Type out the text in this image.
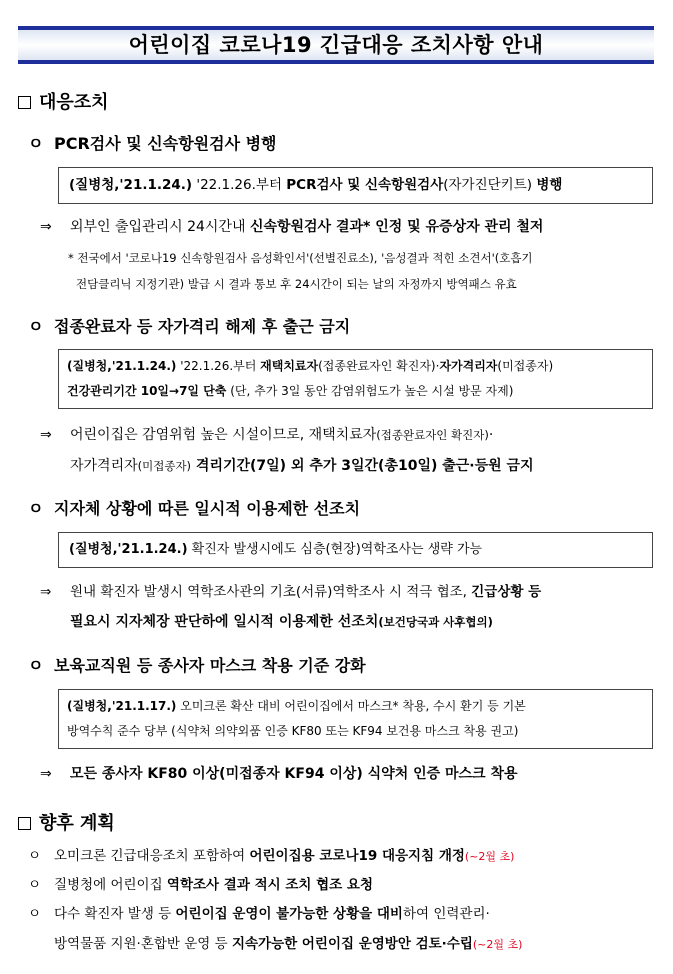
어린이집 코로나19 긴급대응 조치사항 안내
대응조치
ㅇ PCR검사 및 신속항원검사 병행
(질병청,'21.1.24.) '22.1.26.부터 PCR검사 및 신속항원검사(자가진단키트) 병행
⇒ 외부인 출입관리시 24시간내 신속항원검사 결과* 인정 및 유증상자 관리 철저
* 전국에서 '코로나19 신속항원검사 음성확인서'(선별진료소), '음성결과 적힌 소견서'(호흡기
전담클리닉 지정기관) 발급 시 결과 통보 후 24시간이 되는 날의 자정까지 방역패스 유효
ㅇ 접종완료자 등 자가격리 해제 후 출근 금지
(질병청,'21.1.24.) '22.1.26.부터 재택치료자(접종완료자인 확진자)·자가격리자(미접종자)
건강관리기간 10일→7일 단축 (단, 추가 3일 동안 감염위험도가 높은 시설 방문 자제)
⇒ 어린이집은 감염위험 높은 시설이므로, 재택치료자(접종완료자인 확진자)·
자가격리자(미접종자) 격리기간(7일) 외 추가 3일간(총10일) 출근·등원 금지
ㅇ 지자체 상황에 따른 일시적 이용제한 선조치
(질병청,'21.1.24.) 확진자 발생시에도 심층(현장)역학조사는 생략 가능
⇒ 원내 확진자 발생시 역학조사관의 기초(서류)역학조사 시 적극 협조, 긴급상황 등
필요시 지자체장 판단하에 일시적 이용제한 선조치(보건당국과 사후협의)
ㅇ 보육교직원 등 종사자 마스크 착용 기준 강화
(질병청,'21.1.17.) 오미크론 확산 대비 어린이집에서 마스크* 착용, 수시 환기 등 기본
방역수칙 준수 당부 (식약처 의약외품 인증 KF80 또는 KF94 보건용 마스크 착용 권고)
⇒ 모든 종사자 KF80 이상(미접종자 KF94 이상) 식약처 인증 마스크 착용
향후 계획
ㅇ 오미크론 긴급대응조치 포함하여 어린이집용 코로나19 대응지침 개정(~2월 초)
ㅇ 질병청에 어린이집 역학조사 결과 적시 조치 협조 요청
ㅇ 다수 확진자 발생 등 어린이집 운영이 불가능한 상황을 대비하여 인력관리·
방역물품 지원·혼합반 운영 등 지속가능한 어린이집 운영방안 검토·수립(~2월 초)
